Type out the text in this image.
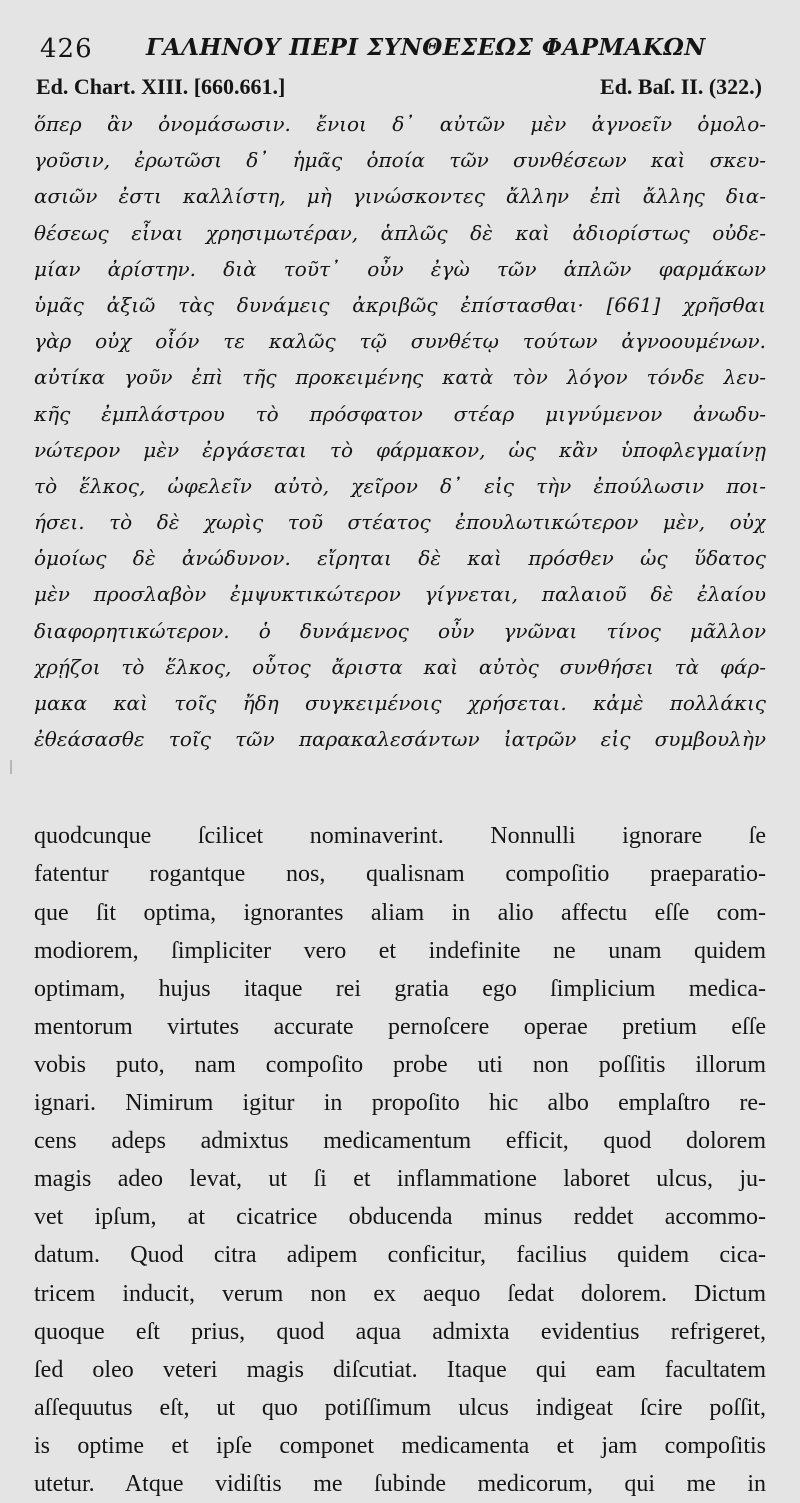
426 ΓΑΛΗΝΟΥ ΠΕΡΙ ΣΥΝΘΕΣΕΩΣ ΦΑΡΜΑΚΩΝ
Ed. Chart. XIII. [660.661.]	Ed. Baſ. II. (322.)
ὅπερ ἂν ὀνομάσωσιν. ἔνιοι δ᾽ αὐτῶν μὲν ἀγνοεῖν ὁμολο-
γοῦσιν, ἐρωτῶσι δ᾽ ἡμᾶς ὁποία τῶν συνθέσεων καὶ σκευ-
ασιῶν ἐστι καλλίστη, μὴ γινώσκοντες ἄλλην ἐπὶ ἄλλης δια-
θέσεως εἶναι χρησιμωτέραν, ἁπλῶς δὲ καὶ ἀδιορίστως οὐδε-
μίαν ἀρίστην. διὰ τοῦτ᾽ οὖν ἐγὼ τῶν ἁπλῶν φαρμάκων
ὑμᾶς ἀξιῶ τὰς δυνάμεις ἀκριβῶς ἐπίστασθαι· [661] χρῆσθαι
γὰρ οὐχ οἷόν τε καλῶς τῷ συνθέτῳ τούτων ἀγνοουμένων.
αὐτίκα γοῦν ἐπὶ τῆς προκειμένης κατὰ τὸν λόγον τόνδε λευ-
κῆς ἐμπλάστρου τὸ πρόσφατον στέαρ μιγνύμενον ἀνωδυ-
νώτερον μὲν ἐργάσεται τὸ φάρμακον, ὡς κἂν ὑποφλεγμαίνῃ
τὸ ἕλκος, ὠφελεῖν αὐτὸ, χεῖρον δ᾽ εἰς τὴν ἐπούλωσιν ποι-
ήσει. τὸ δὲ χωρὶς τοῦ στέατος ἐπουλωτικώτερον μὲν, οὐχ
ὁμοίως δὲ ἀνώδυνον. εἴρηται δὲ καὶ πρόσθεν ὡς ὕδατος
μὲν προσλαβὸν ἐμψυκτικώτερον γίγνεται, παλαιοῦ δὲ ἐλαίου
διαφορητικώτερον. ὁ δυνάμενος οὖν γνῶναι τίνος μᾶλλον
χρῄζοι τὸ ἕλκος, οὗτος ἄριστα καὶ αὐτὸς συνθήσει τὰ φάρ-
μακα καὶ τοῖς ἤδη συγκειμένοις χρήσεται. κἀμὲ πολλάκις
ἐθεάσασθε τοῖς τῶν παρακαλεσάντων ἰατρῶν εἰς συμβουλὴν
quodcunque ſcilicet nominaverint. Nonnulli ignorare ſe
fatentur rogantque nos, qualisnam compoſitio praeparatio-
que ſit optima, ignorantes aliam in alio affectu eſſe com-
modiorem, ſimpliciter vero et indefinite ne unam quidem
optimam, hujus itaque rei gratia ego ſimplicium medica-
mentorum virtutes accurate pernoſcere operae pretium eſſe
vobis puto, nam compoſito probe uti non poſſitis illorum
ignari. Nimirum igitur in propoſito hic albo emplaſtro re-
cens adeps admixtus medicamentum efficit, quod dolorem
magis adeo levat, ut ſi et inflammatione laboret ulcus, ju-
vet ipſum, at cicatrice obducenda minus reddet accommo-
datum. Quod citra adipem conficitur, facilius quidem cica-
tricem inducit, verum non ex aequo ſedat dolorem. Dictum
quoque eſt prius, quod aqua admixta evidentius refrigeret,
ſed oleo veteri magis diſcutiat. Itaque qui eam facultatem
aſſequutus eſt, ut quo potiſſimum ulcus indigeat ſcire poſſit,
is optime et ipſe componet medicamenta et jam compoſitis
utetur. Atque vidiſtis me ſubinde medicorum, qui me in
